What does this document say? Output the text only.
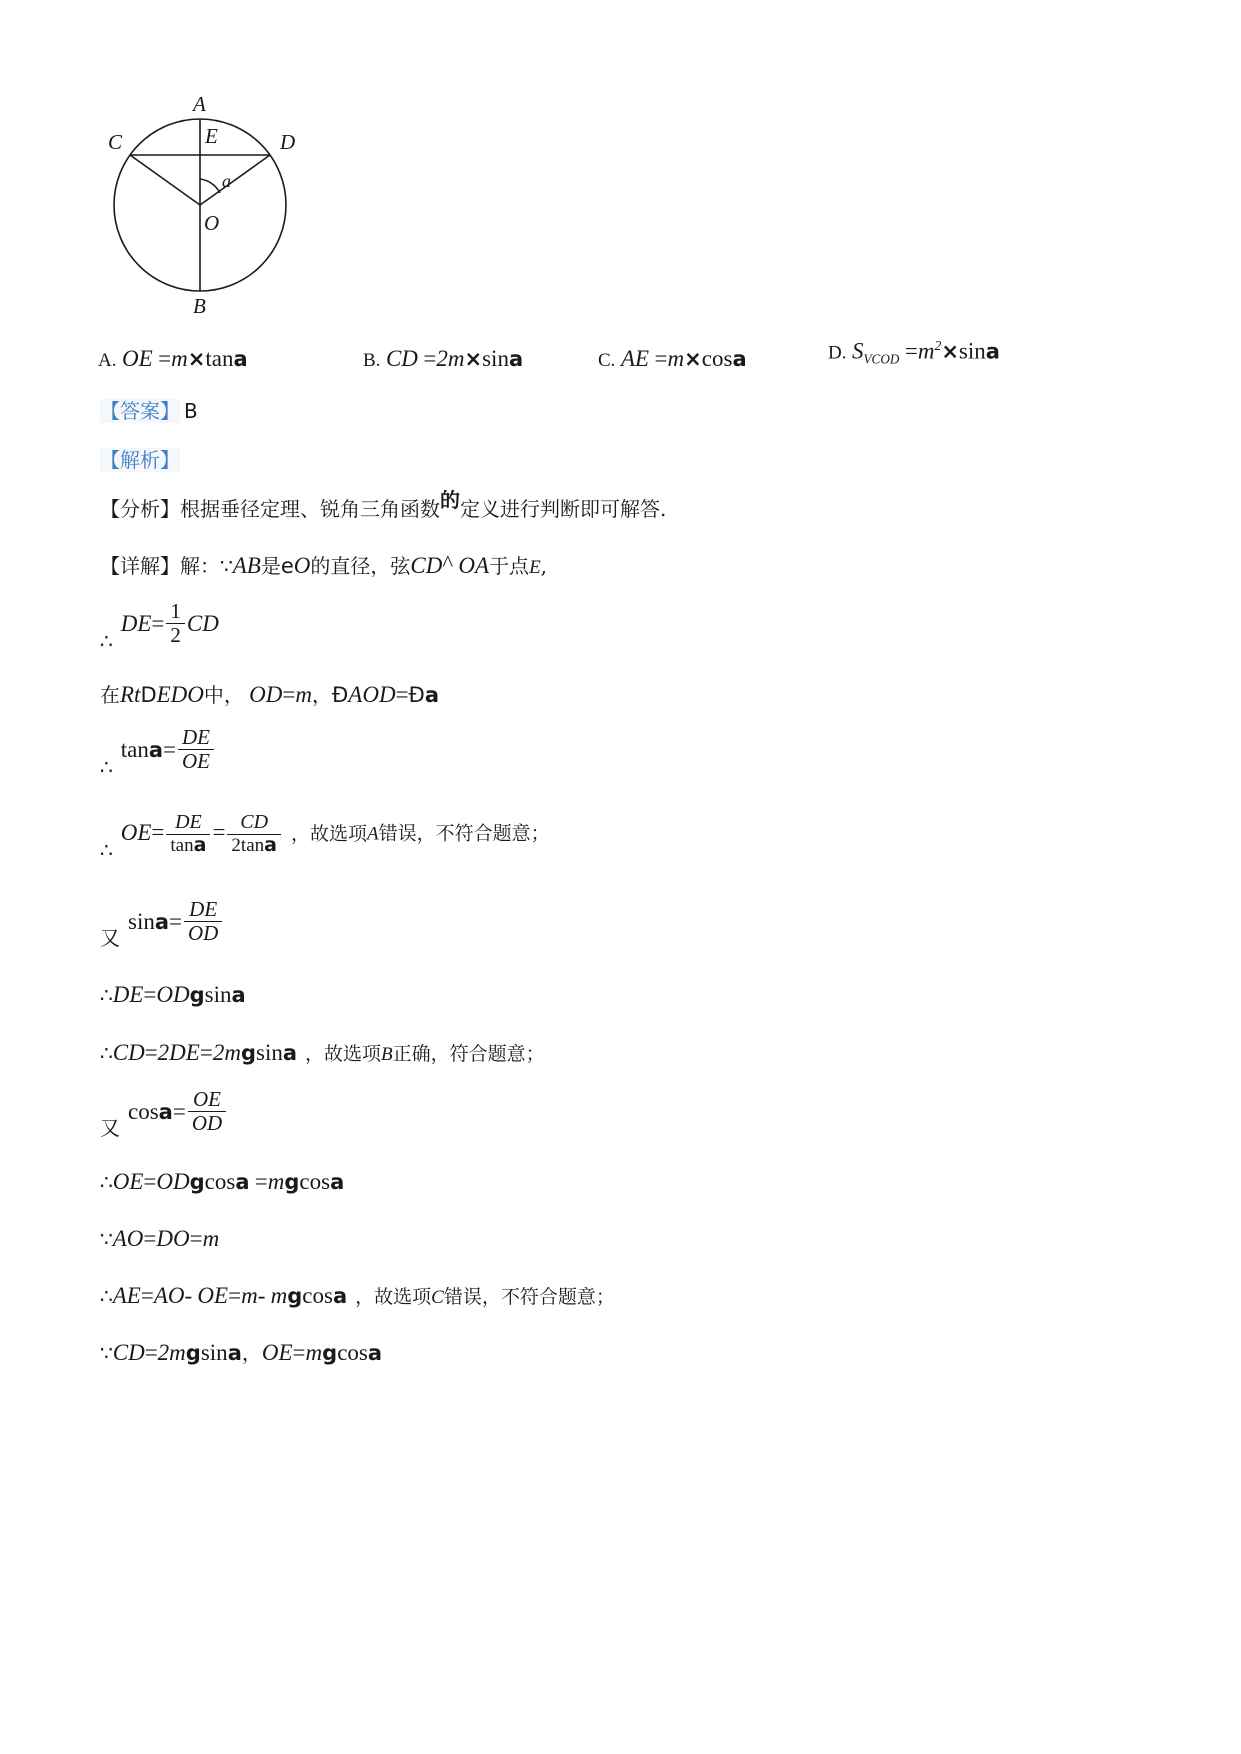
A
B
C	D
E
O
a
A. OE =m×tana	B. CD =2m×sina	C. AE =m×cosa	D. $S_{VCOD} =m^2\times\sin a$
【答案】 B
【解析】
【分析】根据垂径定理、锐角三角函数的定义进行判断即可解答.
【详解】解：∵AB是eO的直径，弦CD^ OA于点E,
∴DE= $\frac{1}{2}$ CD
在RtDEDO中， OD=m，ÐAOD=Ða
∴tana= $\frac{DE}{OE}$
∴OE= $\frac{DE}{\tan a} = \frac{CD}{2\tan a}$ ，故选项A错误，不符合题意；
又$\sin a= \frac{DE}{OD}$
∴DE=ODgsina
∴CD=2DE=2mgsina ，故选项B正确，符合题意；
又$\cos a= \frac{OE}{OD}$
∴OE=ODgcosa =mgcosa
∵AO=DO=m
∴AE=AO- OE=m- mgcosa ，故选项C错误，不符合题意；
∵CD=2mgsina，OE=mgcosa
